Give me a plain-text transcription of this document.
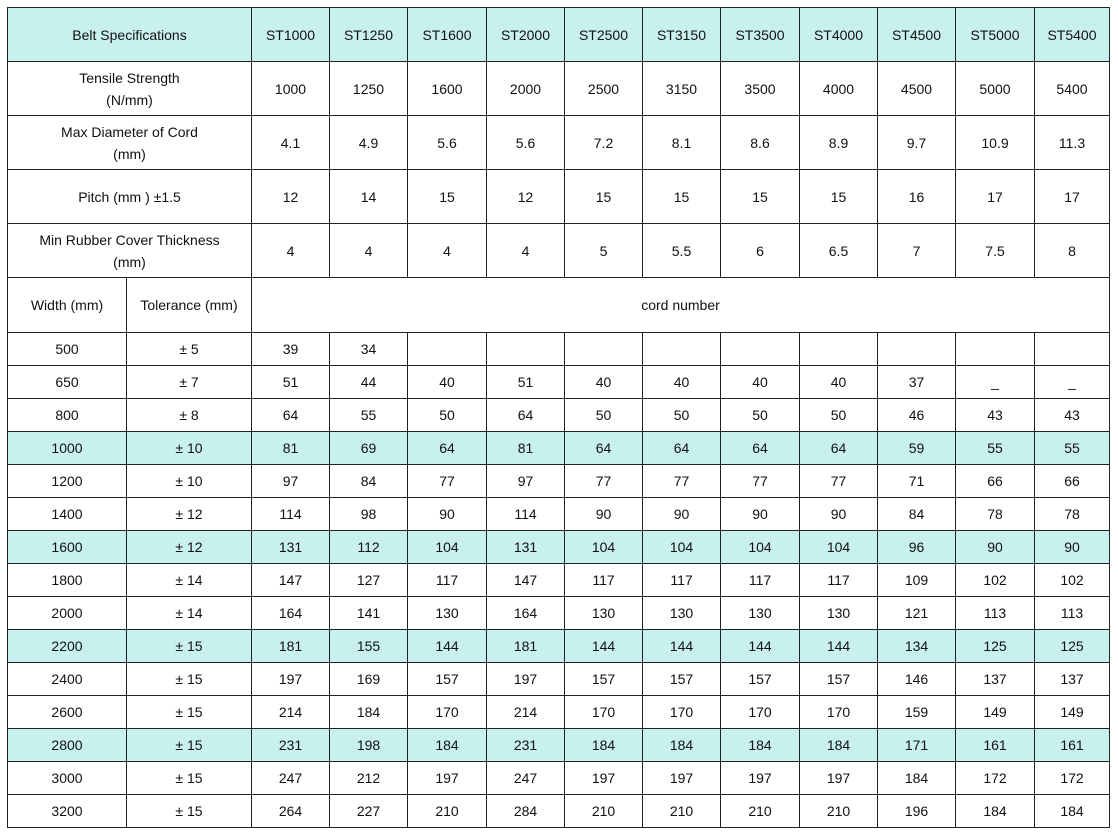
Belt Specifications		ST1000	ST1250	ST1600	ST2000	ST2500	ST3150	ST3500	ST4000	ST4500	ST5000	ST5400
Tensile Strength
(N/mm)		1000	1250	1600	2000	2500	3150	3500	4000	4500	5000	5400
Max Diameter of Cord
(mm)		4.1	4.9	5.6	5.6	7.2	8.1	8.6	8.9	9.7	10.9	11.3
Pitch (mm ) ±1.5		12	14	15	12	15	15	15	15	16	17	17
Min Rubber Cover Thickness
(mm)		4	4	4	4	5	5.5	6	6.5	7	7.5	8
Width (mm)	Tolerance (mm)	cord number										
500	± 5	39	34									
650	± 7	51	44	40	51	40	40	40	40	37	_	_
800	± 8	64	55	50	64	50	50	50	50	46	43	43
1000	± 10	81	69	64	81	64	64	64	64	59	55	55
1200	± 10	97	84	77	97	77	77	77	77	71	66	66
1400	± 12	114	98	90	114	90	90	90	90	84	78	78
1600	± 12	131	112	104	131	104	104	104	104	96	90	90
1800	± 14	147	127	117	147	117	117	117	117	109	102	102
2000	± 14	164	141	130	164	130	130	130	130	121	113	113
2200	± 15	181	155	144	181	144	144	144	144	134	125	125
2400	± 15	197	169	157	197	157	157	157	157	146	137	137
2600	± 15	214	184	170	214	170	170	170	170	159	149	149
2800	± 15	231	198	184	231	184	184	184	184	171	161	161
3000	± 15	247	212	197	247	197	197	197	197	184	172	172
3200	± 15	264	227	210	284	210	210	210	210	196	184	184
